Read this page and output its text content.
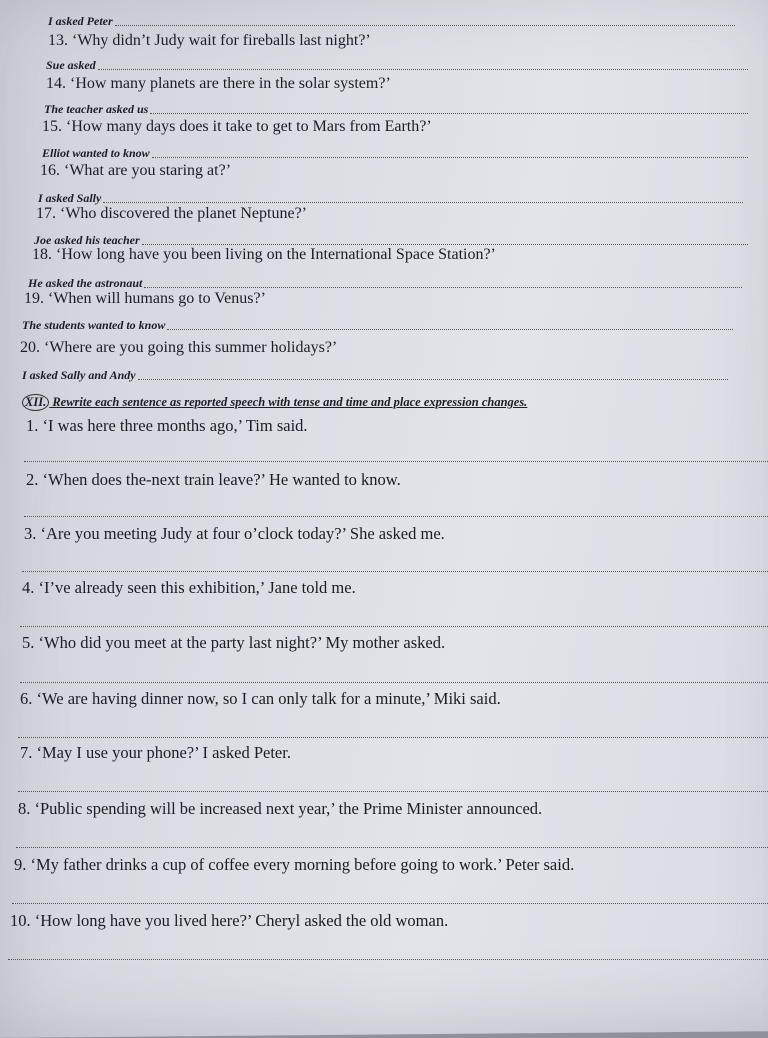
I asked Peter
13. ‘Why didn’t Judy wait for fireballs last night?’
Sue asked
14. ‘How many planets are there in the solar system?’
The teacher asked us
15. ‘How many days does it take to get to Mars from Earth?’
Elliot wanted to know
16. ‘What are you staring at?’
I asked Sally
17. ‘Who discovered the planet Neptune?’
Joe asked his teacher
18. ‘How long have you been living on the International Space Station?’
He asked the astronaut
19. ‘When will humans go to Venus?’
The students wanted to know
20. ‘Where are you going this summer holidays?’
I asked Sally and Andy
XII. Rewrite each sentence as reported speech with tense and time and place expression changes.
1. ‘I was here three months ago,’ Tim said.
2. ‘When does the-next train leave?’ He wanted to know.
3. ‘Are you meeting Judy at four o’clock today?’ She asked me.
4. ‘I’ve already seen this exhibition,’ Jane told me.
5. ‘Who did you meet at the party last night?’ My mother asked.
6. ‘We are having dinner now, so I can only talk for a minute,’ Miki said.
7. ‘May I use your phone?’ I asked Peter.
8. ‘Public spending will be increased next year,’ the Prime Minister announced.
9. ‘My father drinks a cup of coffee every morning before going to work.’ Peter said.
10. ‘How long have you lived here?’ Cheryl asked the old woman.
